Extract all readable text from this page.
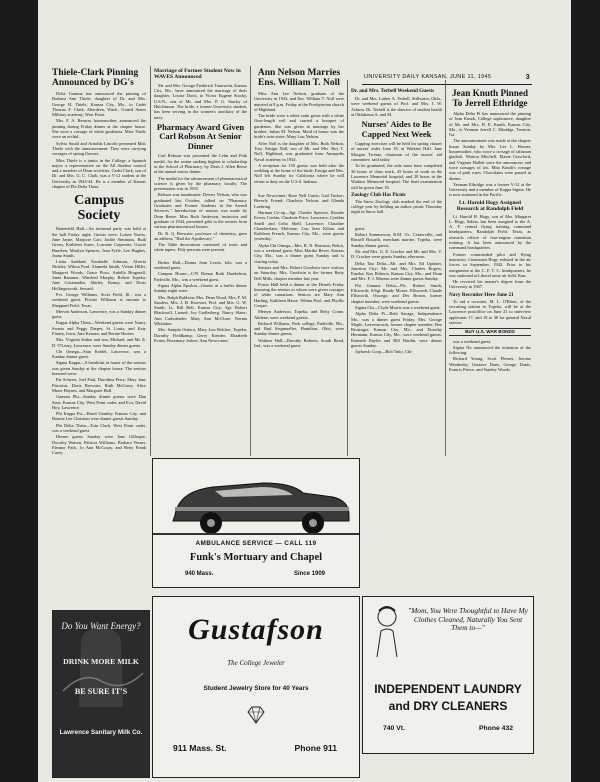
UNIVERSITY DAILY KANSAN, JUNE 11, 1945	3
Thiele-Clark Pinning Announced by DG's

Delta Gamma has announced the pinning of Barbara Ann Thiele, daughter of Dr. and Mrs. George H. Thiele, Kansas City, Mo., to Cadet Thomas F. Clark, Aberdeen, Wash., United States Military academy, West Point.

Mrs. F. A. Benson, housemother, announced the pinning during Friday dinner at the chapter house. She wore a corsage of white gardenias. Miss Thiele wore an orchid.

Sylvia Small and Arnolda Lincoln presented Miss Thiele with the announcement. They were carrying corsages of spring flowers.

Miss Thiele is a junior in the College, a Spanish major, a representative on the All Student council and a member of Dean activities. Cadet Clark, son of Dr. and Mrs. G. C. Clark, was a V-12 student at the University in 1943-44. He is a member of Kansas chapter of Phi Delta Theta.

Campus Society

Battenfeld Hall—An informal party was held at the hall Friday night. Guests were: Lorine Norris, June Jayne, Marjorie Carr, Jackie Simmons, Ruth Green, Kathleen Jones, Lorraine Carpenter, Gracie Bundren, Marilyn Spencer, Jean Fyffe, Lee Hughes, Joana Smith.

Lietta Saddard, Ernabelle Johnson, Alverta Nickles, Wilma Poul, Alameda Smith, Vivian Hiller, Margaret Woods, Grace Piros, Ardella Bingesell, Janet Rammer, Winifred Murphy, Robert Topeka; Jane Cristenadin, Shirley Kenny, and Doris Hollingsworth, Seward.

Pvt. George Williams, Scott Field, Ill., was a weekend guest. Private Williams is enroute to Sheppard Field, Texas.

Mervin Anderson, Lawrence, was a Sunday dinner guest.

Kappa Alpha Theta—Weekend guests were Nancy Swartz and Peggy Darper, St. Louis; and Katy Finney, Iowa; Ann Kernan; and Bernie Horton.

Mrs. Virginia Stuber and son, Michael, and Mr. E. D. O'Leary, Lawrence, were Sunday dinner guests.

Chi Omega—Stan Keidel, Lawrence, was a Sunday dinner guest.

Sigma Kappa—A breakfast in honor of the seniors was given Sunday at the chapter house. The seniors honored were:

Pat Scherer, Joel Paul, Dorothea Perry, Mary Jane Pistorius, Doris Brewster, Ruth McCurry, Alice Marie Haynes, and Margaret Hall.

Gamma Phi—Sunday dinner guests were Dan Starr, Kansas City, West Point cadet, and Eva, David Hoy, Lawrence.

Phi Kappa Psi—Hazel Granley, Kansas City, and Bonnie Lee Christian were dinner guests Sunday.

Phi Delta Theta—Tom Clark, West Point cadet, was a weekend guest.

Dinner guests Sunday were Jane Gillespie, Dorothy Warren, Patricia Williams, Barbara Verner, Eleanor Pack, Jo Ann McCoury, and Betty Frank Carey.

Marriage of Former Student Now in WAVES Announced

Mr. and Mrs. George Frederick Trautwein, Kansas City, Mo., have announced the marriage of their daughter, Louise Doris, to Victor Eugene Stucky, U.S.N., son of Mr. and Mrs. P. G. Stucky of Hutchinson. The bride, a former University student, has been serving in the women's auxiliary of the navy.

Pharmacy Award Given Carl Robson At Senior Dinner

Carl Robson was presented the Lehn and Fink medal, for the senior ranking highest in scholarship in the School of Pharmacy, by Dean J. Allen Reese at the annual senior dinner.

The medal for the advancement of pharmaceutical science is given by the pharmacy faculty. The presentation was in 1935.

Robson was toastmaster. Dewey Nelson, who was graduated last October, talked on "Pharmacy Graduates and Former Students in the Armed Services." Introduction of seniors was made by Dean Reese. Miss Ruth Anderson, instructor and graduate of 1944, presented gifts to the seniors from various pharmaceutical houses.

Dr. R. Q. Brewster, professor of chemistry, gave an address, "Hail the Apothecary."

The Table decorations consisted of roses and white tapers. Fifty persons were present.

Bicker Hall—Donna Joan Lewis, Iola, was a weekend guest.

Campus House—C/N Donna Ruth Dunkelson, Parkville, Mo., was a weekend guest.

Sigma Alpha Epsilon—Guests at a buffet dinner Sunday night were:

Mrs. Ralph Baldwin; Mrs. Dean Wood, Mrs. F. M. Sanders, Mrs. J. H. Kroesser, Prof. and Mrs. G. W. Smith; Lt. Bill Bell, Kansas City; Sgt. Robert Blackwell, Larned; Joy Godlesberg; Nancy Slater; Ann Cadwalader; Mary Ann McClure; Norma Whittaker.

Mrs. Sampla Ortiero; Mary Lou Belcher, Topeka; Dorothy Fieldkamp; Gerry Kreider; Elizabeth Evans; Rosemary Jarboe; Ann Newcomer;

Ann Nelson Marries Ens. William T. Noll

Miss Ann Lee Nelson, graduate of the University in 1943, and Ens. William T. Noll were married at 8 p.m. Friday at the Presbyterian church of Highland.

The bride wore a white satin gown with a white floor-length veil and carried a bouquet of gardenias. She was given in marriage by her brother, Julian M. Nelson. Maid of honor was the bride's twin sister, Mary Lou Nelson.

After Noll is the daughter of Mrs. Ruth Nelson, Troy. Ensign Noll, son of Mr. and Mrs. Roy T. Noll, Highland, was graduated from Annapolis Naval academy in 1944.

A reception for 150 guests was held after the wedding at the home of the bride. Ensign and Mrs. Noll left Sunday for California where he will return to duty on the U.S.S. Indiana.

Sue Newcomer; Rose Nell Curtis; Gail Tucker; Beverly Friend; Charlotte Nelson; and Glenda Luehring.

Harman Co-op—Sgt. Charles Spencer, Rosalie Erwin, Corbin, Charlotte Price, Lawrence; Cynthia Smell and Celia Shell, Lawrence; Claudine Chamberlain, Mulvane; Lou Jean Kilton and Kathleen French, Kansas City, Mo., were guests yesterday.

Alpha Chi Omega—Mrs. R. N. Harrison, Beloit, was a weekend guest. Miss Martha Bever, Kansas City, Mo., was a dinner guest Sunday and is visiting today.

Seniors and Mrs. Robert Goodwin were visitors on Saturday; Mrs. Goodwin is the former Betty Dell Mills, chapter member last year.

Foster Hall held a dinner at the Hearth Friday honoring the seniors to whom were given corsages of white carnations. Seniors are Mary Ann Harling, Kathleen Hasse, Wilma Pool, and Phyllis Cooper.

Mertyn Anderson, Topeka, and Betty Crane, Abilene, were weekend guests.

Richard Williams, Park college, Parkville, Mo., and Bud Siegmueller, Hamilton, Ohio, were Sunday dinner guests.

Watkins Hall—Dorothy Roberts, South Bend, Ind., was a weekend guest.

Dr. and Mrs. Terbell Weekend Guests

Dr. and Mrs. Luther A. Terbell, Stillwater, Okla., were weekend guests of Prof. and Mrs. J. W. Ashton. Dr. Terbell is the director of student health at Oklahoma A. and M.

Nurses' Aides to Be Capped Next Week

Capping exercises will be held for spring classes of nurses' aides June 18, at Watkins Hall, Jane Morgan Twente, chairman of the nurses' aid committee, said today.

To be graduated, the aide must have completed 36 hours of class work, 45 hours of work in the Lawrence Memorial hospital, and 28 hours in the Watkins Memorial hospital. The final examination will be given June 18.

Zoology Club Has Picnic

The Snow Zoology club marked the end of the college year by holding an indoor picnic Thursday night in Snow hall.

guest.

Robert Summerson, R.M. 3/c, Centerville, and Russell Bosarth, merchant marine, Topeka, were Sunday dinner guests.

Mr. and Mrs. G. E. Crocker and Mr. and Mrs. V. D. Crocker were guests Sunday afternoon.

Delta Tau Delta—Mr. and Mrs. Ed Updater, Junction City; Mr. and Mrs. Charles Rogers, Eureka; Kay Roberts, Kansas City, Mo.; and Dean and Mrs. F. J. Moreau were dinner guests Sunday.

Phi Gamma Delta—Pfc. Robert Smith, Ellsworth; S/Sgt. Randy Moore, Ellsworth; Claude Ellsworth, Oswego; and Des Brown, former chapter member, were weekend guests.

Sigma Chi—Clyde Morris was a weekend guest.

Alpha Delta Pi—Beth Savage, Independence Mo., was a dinner guest Friday. Mrs. George Maple, Leavenworth, former chapter member; Bee Brosinger, Kansas City, Mo.; and Dorothy Hermann, Kansas City, Mo., were weekend guests. Kenneth Bayles and Bill Hardin, were dinner guests Sunday.

Jayhawk Coop—Bob Tatto, Chi-

Jean Knuth Pinned To Jerrell Ethridge

Alpha Delta Pi has announced the pinning of Jean Knuth, College sophomore, daughter of Mr. and Mrs. H. E. Knuth, Kansas City, Mo., to Yeoman Jerrell C. Ethridge, Trenton, Ga.

The announcement was made at the chapter house Sunday by Mrs. Lee L. Horner, housemother, who wore a corsage of talisman gladioli. Marion Mitchell, Elaine Crawford, and Virginia Hallett were the announcers and wore corsages of iris. Miss Knuth's corsage was of pink roses. Chocolates were passed at dinner.

Yeoman Ethridge was a former V-12 at the University and a member of Kappa Sigma. He is now stationed in the Pacific.

Lt. Harold Hogy Assigned Research at Randolph Field

Lt. Harold H. Hogy, son of Mrs. Margaret L. Hogy, Salina, has been assigned to the A. A. F. central flying training command headquarters, Randolph Field, Texas, as research officer of four-engine transition training. It has been announced by the command headquarters.

Former commanded pilot and flying instructor, Lieutenant Hogy enlisted in the air forces in September, 1942. Prior to his assignment at the C. F. T. C. headquarters, he was stationed at Liberal army air field, Kan.

He received his master's degree from the University in 1947.

Navy Recruiter Here June 21

To aid a recruiter, M. L. O'Brien, of the recruiting station in Topeka, will be at the Lawrence postoffice on June 21 to interview applicants 17, and 18 to 30 for general Naval service.

BUY U.S. WAR BONDS

was a weekend guest.

Sigma Nu announced the initiation of the following:

Richard Young, Scott Flesner, Jerome Weatherby, Gustave Dons, George Danis, Francis Pierce, and Stanley Woods.

AMBULANCE SERVICE — CALL 119
Funk's Mortuary and Chapel
940 Mass.	Since 1909
Do You Want Energy?
DRINK MORE MILK
BE SURE IT'S
Lawrence Sanitary Milk Co.
Gustafson
The College Jeweler
Student Jewelry Store for 40 Years
911 Mass. St.	Phone 911
"Mom, You Were Thoughtful to Have My Clothes Cleaned, Naturally You Sent Them to—"
INDEPENDENT LAUNDRY
and DRY CLEANERS
740 Vt.	Phone 432
